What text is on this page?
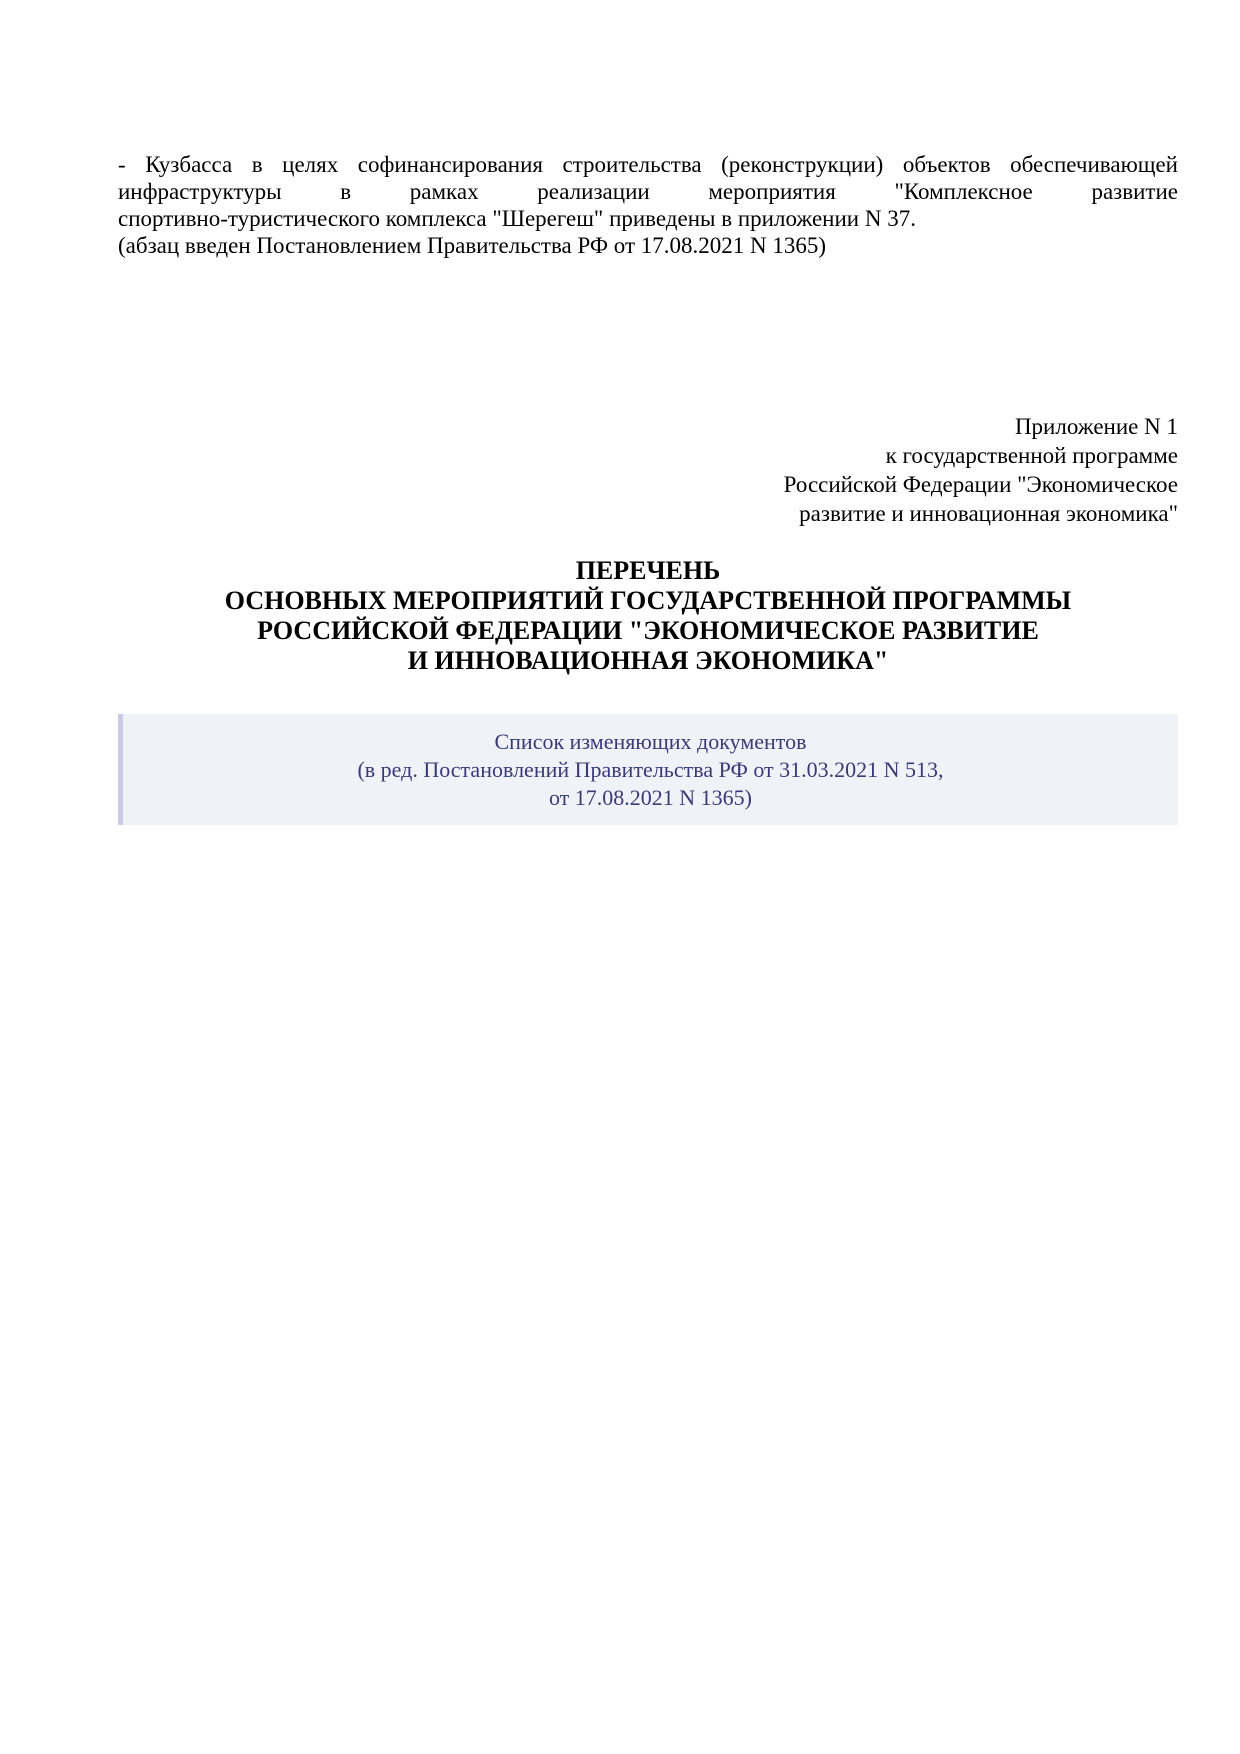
- Кузбасса в целях софинансирования строительства (реконструкции) объектов обеспечивающей
инфраструктуры в рамках реализации мероприятия "Комплексное развитие
спортивно-туристического комплекса "Шерегеш" приведены в приложении N 37.
(абзац введен Постановлением Правительства РФ от 17.08.2021 N 1365)
Приложение N 1
к государственной программе
Российской Федерации "Экономическое
развитие и инновационная экономика"
ПЕРЕЧЕНЬ
ОСНОВНЫХ МЕРОПРИЯТИЙ ГОСУДАРСТВЕННОЙ ПРОГРАММЫ
РОССИЙСКОЙ ФЕДЕРАЦИИ "ЭКОНОМИЧЕСКОЕ РАЗВИТИЕ
И ИННОВАЦИОННАЯ ЭКОНОМИКА"
Список изменяющих документов
(в ред. Постановлений Правительства РФ от 31.03.2021 N 513,
от 17.08.2021 N 1365)
